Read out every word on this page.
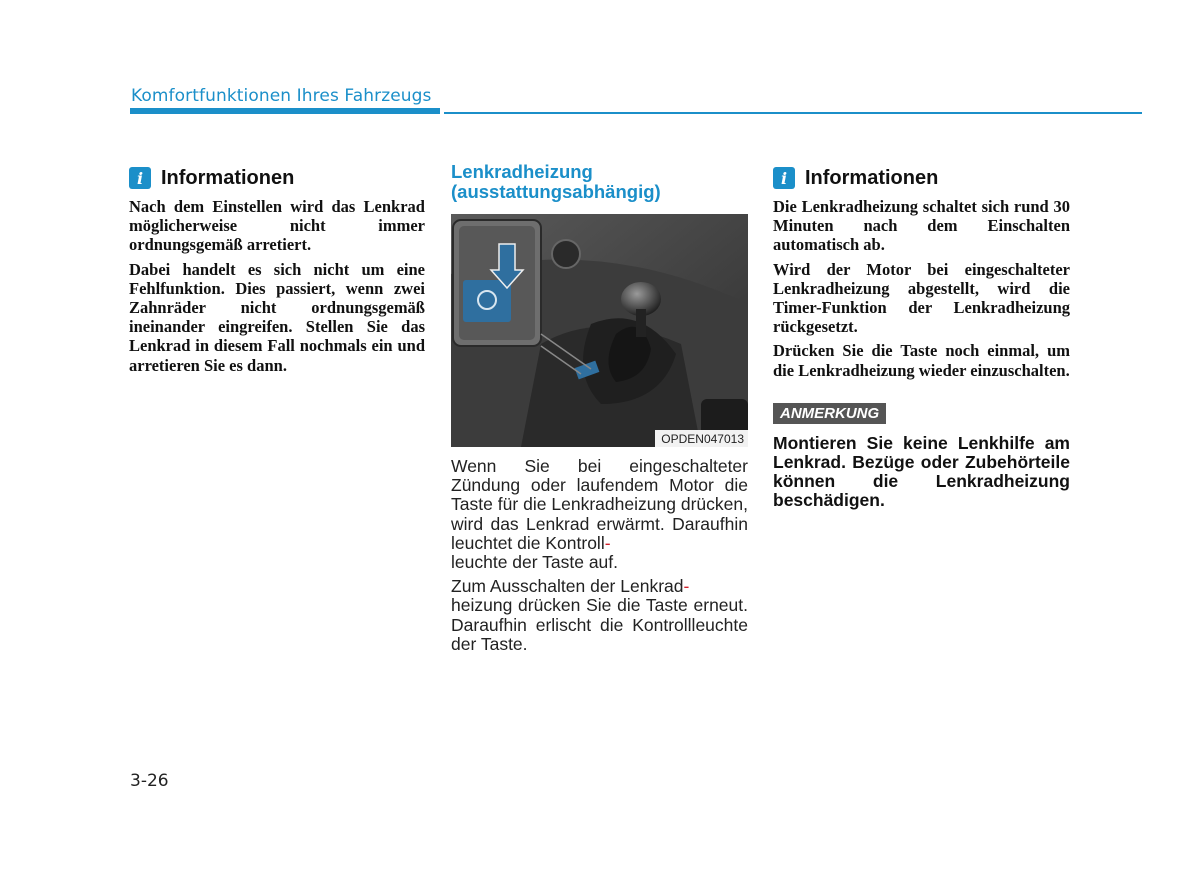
Komfortfunktionen Ihres Fahrzeugs
i Informationen

Nach dem Einstellen wird das Lenkrad möglicherweise nicht immer ordnungsgemäß arretiert.

Dabei handelt es sich nicht um eine Fehlfunktion. Dies passiert, wenn zwei Zahnräder nicht ordnungsgemäß ineinander eingreifen. Stellen Sie das Lenkrad in diesem Fall nochmals ein und arretieren Sie es dann.

Lenkradheizung (ausstattungsabhängig)
OPDEN047013

Wenn Sie bei eingeschalteter Zündung oder laufendem Motor die Taste für die Lenkradheizung drücken, wird das Lenkrad erwärmt. Daraufhin leuchtet die Kontroll-
leuchte der Taste auf.

Zum Ausschalten der Lenkrad-
heizung drücken Sie die Taste erneut. Daraufhin erlischt die Kontrollleuchte der Taste.

i Informationen

Die Lenkradheizung schaltet sich rund 30 Minuten nach dem Einschalten automatisch ab.

Wird der Motor bei eingeschalteter Lenkradheizung abgestellt, wird die Timer-Funktion der Lenkradheizung rückgesetzt.

Drücken Sie die Taste noch einmal, um die Lenkradheizung wieder einzuschalten.

ANMERKUNG

Montieren Sie keine Lenkhilfe am Lenkrad. Bezüge oder Zubehörteile können die Lenkradheizung beschädigen.

3-26
